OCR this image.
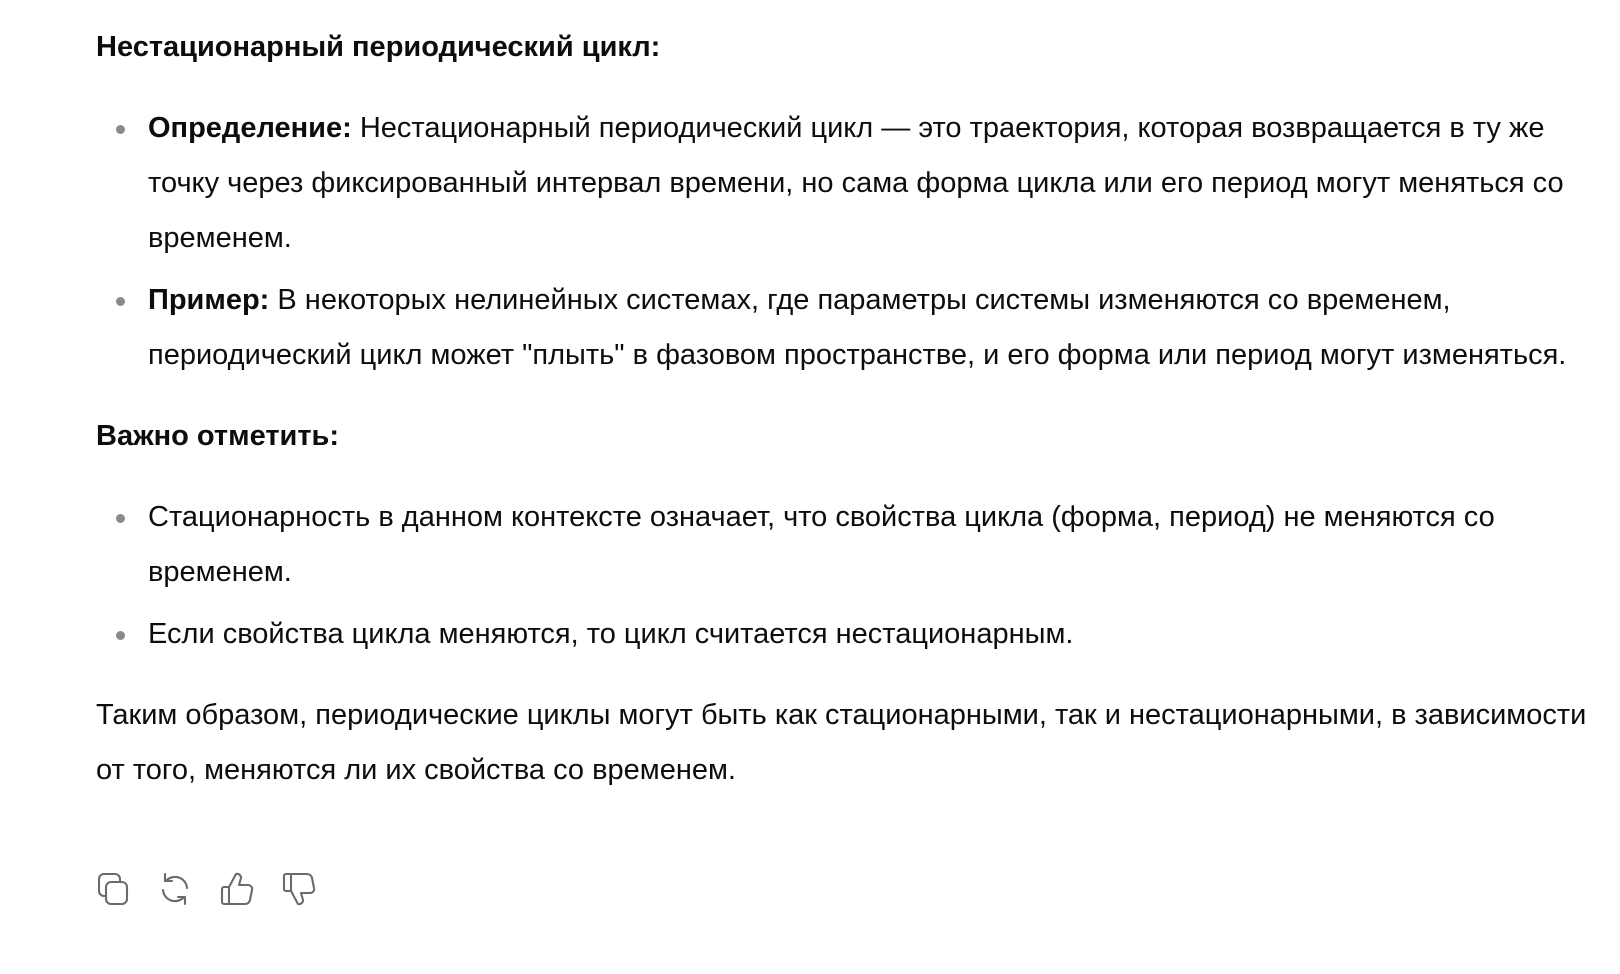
Нестационарный периодический цикл:

Определение: Нестационарный периодический цикл — это траектория, которая возвращается в ту же точку через фиксированный интервал времени, но сама форма цикла или его период могут меняться со временем.
Пример: В некоторых нелинейных системах, где параметры системы изменяются со временем, периодический цикл может "плыть" в фазовом пространстве, и его форма или период могут изменяться.

Важно отметить:

Стационарность в данном контексте означает, что свойства цикла (форма, период) не меняются со временем.
Если свойства цикла меняются, то цикл считается нестационарным.

Таким образом, периодические циклы могут быть как стационарными, так и нестационарными, в зависимости от того, меняются ли их свойства со временем.
